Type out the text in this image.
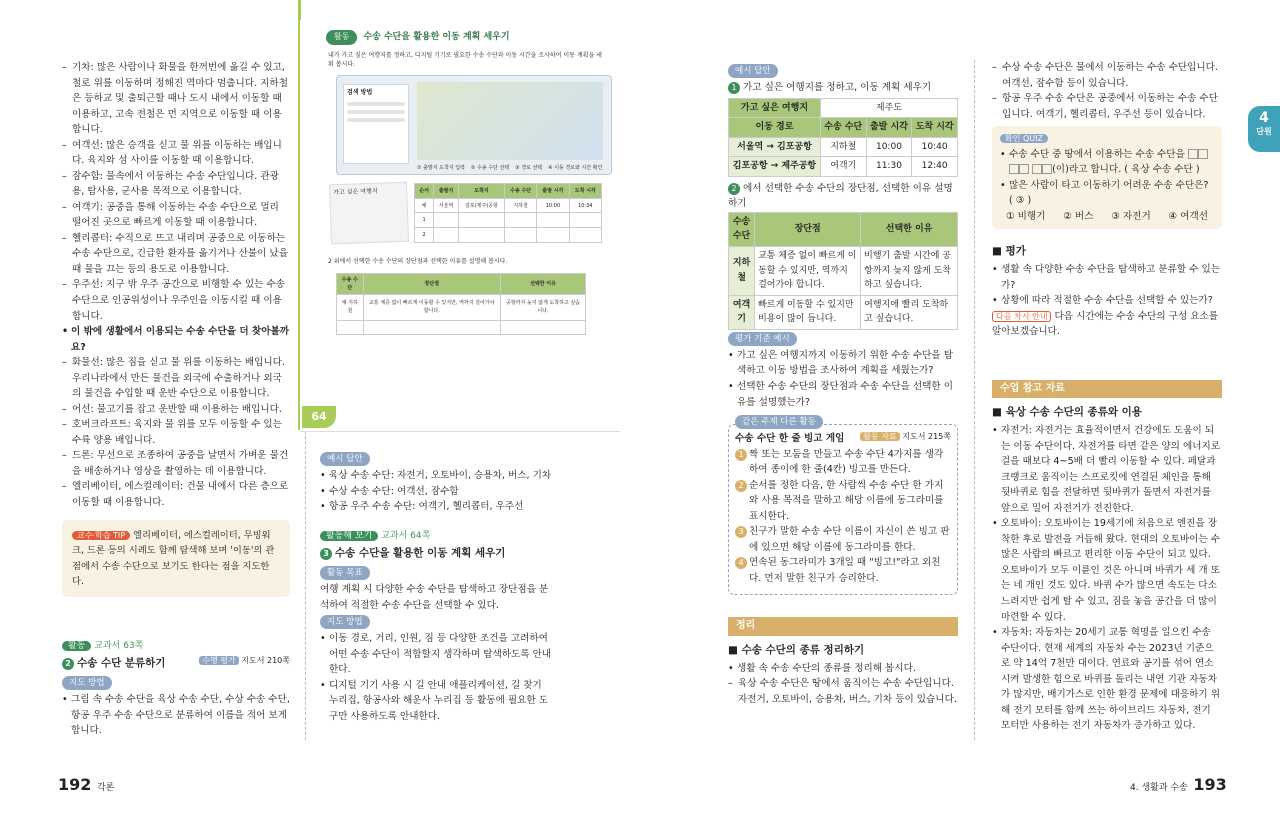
– 기차: 많은 사람이나 화물을 한꺼번에 옮길 수 있고, 철로 위를 이동하며 정해진 역마다 멈춥니다. 지하철은 등하교 및 출퇴근할 때나 도시 내에서 이동할 때 이용하고, 고속 전철은 먼 지역으로 이동할 때 이용합니다.
– 여객선: 많은 승객을 싣고 물 위를 이동하는 배입니다. 육지와 섬 사이를 이동할 때 이용합니다.
– 잠수함: 물속에서 이동하는 수송 수단입니다. 관광용, 탐사용, 군사용 목적으로 이용합니다.
– 여객기: 공중을 통해 이동하는 수송 수단으로 멀리 떨어진 곳으로 빠르게 이동할 때 이용합니다.
– 헬리콥터: 수직으로 뜨고 내리며 공중으로 이동하는 수송 수단으로, 긴급한 환자를 옮기거나 산불이 났을 때 물을 끄는 등의 용도로 이용합니다.
– 우주선: 지구 밖 우주 공간으로 비행할 수 있는 수송 수단으로 인공위성이나 우주인을 이동시킬 때 이용합니다.
• 이 밖에 생활에서 이용되는 수송 수단을 더 찾아볼까요?
– 화물선: 많은 짐을 싣고 물 위를 이동하는 배입니다. 우리나라에서 만든 물건을 외국에 수출하거나 외국의 물건을 수입할 때 운반 수단으로 이용합니다.
– 어선: 물고기를 잡고 운반할 때 이용하는 배입니다.
– 호버크라프트: 육지와 물 위를 모두 이동할 수 있는 수륙 양용 배입니다.
– 드론: 무선으로 조종하여 공중을 날면서 가벼운 물건을 배송하거나 영상을 촬영하는 데 이용합니다.
– 엘리베이터, 에스컬레이터: 건물 내에서 다른 층으로 이동할 때 이용합니다.
교수·학습 TIP 엘리베이터, 에스컬레이터, 무빙워크, 드론 등의 시례도 함께 탐색해 보며 '이동'의 관점에서 수송 수단으로 보기도 한다는 점을 지도한다.
활동 교과서 63쪽
2 수송 수단 분류하기	수행 평가 지도서 210쪽
지도 방법
• 그림 속 수송 수단을 육상 수송 수단, 수상 수송 수단, 항공 우주 수송 수단으로 분류하여 이름을 적어 보게 합니다.
활동	수송 수단을 활용한 이동 계획 세우기
내가 가고 싶은 여행지를 정하고, 디지털 기기로 필요한 수송 수단과 이동 시간을 조사하여 이동 계획을 세워 봅시다.
검색 방법
① 출발지 도착지 입력 ② 수송 수단 선택 ③ 경로 선택 ④ 이동 경로와 시간 확인
가고 싶은 여행지	순서	출발지	도착지	수송 수단	출발 시각	도착 시각
예	서울역	김포(제주)공항	지하철	10:00	10:34
1					
2					
2 위에서 선택한 수송 수단의 장단점과 선택한 이유를 설명해 봅시다.
수송 수단	장단점	선택한 이유
예 지하철	교통 체증 없이 빠르게 이동할 수 있지만, 역까지 걸어가야 합니다.	공항까지 늦지 않게 도착하고 싶습니다.

64
예시 답안
• 육상 수송 수단: 자전거, 오토바이, 승용차, 버스, 기차
• 수상 수송 수단: 여객선, 잠수함
• 항공 우주 수송 수단: 여객기, 헬리콥터, 우주선
활동해 보기 교과서 64쪽
3 수송 수단을 활용한 이동 계획 세우기
활동 목표
여행 계획 시 다양한 수송 수단을 탐색하고 장단점을 분석하여 적절한 수송 수단을 선택할 수 있다.
지도 방법
• 이동 경로, 거리, 인원, 짐 등 다양한 조건을 고려하여 어떤 수송 수단이 적합할지 생각하며 탐색하도록 안내한다.
• 디지털 기기 사용 시 길 안내 애플리케이션, 길 찾기 누리집, 항공사와 해운사 누리집 등 활동에 필요한 도구만 사용하도록 안내한다.
192 각론
예시 답안
1 가고 싶은 여행지를 정하고, 이동 계획 세우기
가고 싶은 여행지	제주도		
이동 경로	수송 수단	출발 시각	도착 시각
서울역 → 김포공항	지하철	10:00	10:40
김포공항 → 제주공항	여객기	11:30	12:40
2 에서 선택한 수송 수단의 장단점, 선택한 이유 설명하기
수송 수단	장단점	선택한 이유
지하철	교통 체증 없이 빠르게 이동할 수 있지만, 역까지 걸어가야 합니다.	비행기 출발 시간에 공항까지 늦지 않게 도착하고 싶습니다.
여객기	빠르게 이동할 수 있지만 비용이 많이 듭니다.	여행지에 빨리 도착하고 싶습니다.
평가 기준 예시
• 가고 싶은 여행지까지 이동하기 위한 수송 수단을 탐색하고 이동 방법을 조사하여 계획을 세웠는가?
• 선택한 수송 수단의 장단점과 수송 수단을 선택한 이유를 설명했는가?
같은 주제 다른 활동
수송 수단 한 줄 빙고 게임	활동 자료 지도서 215쪽
1 짝 또는 모둠을 만들고 수송 수단 4가지를 생각하여 종이에 한 줄(4칸) 빙고를 만든다.
2 순서를 정한 다음, 한 사람씩 수송 수단 한 가지와 사용 목적을 말하고 해당 이름에 동그라미를 표시한다.
3 친구가 말한 수송 수단 이름이 자신이 쓴 빙고 판에 있으면 해당 이름에 동그라미를 한다.
4 연속된 동그라미가 3개일 때 "빙고!"라고 외친다. 먼저 말한 친구가 승리한다.
정리
■ 수송 수단의 종류 정리하기
• 생활 속 수송 수단의 종류를 정리해 봅시다.
– 육상 수송 수단은 땅에서 움직이는 수송 수단입니다. 자전거, 오토바이, 승용차, 버스, 기차 등이 있습니다.
– 수상 수송 수단은 물에서 이동하는 수송 수단입니다. 여객선, 잠수함 등이 있습니다.
– 항공 우주 수송 수단은 공중에서 이동하는 수송 수단입니다. 여객기, 헬리콥터, 우주선 등이 있습니다.
확인 QUIZ
• 수송 수단 중 땅에서 이용하는 수송 수단을   (이)라고 합니다. ( 육상 수송 수단 )
• 많은 사람이 타고 이동하기 어려운 수송 수단은? ( ③ )
① 비행기 ② 버스 ③ 자전거 ④ 여객선
■ 평가
• 생활 속 다양한 수송 수단을 탐색하고 분류할 수 있는가?
• 상황에 따라 적절한 수송 수단을 선택할 수 있는가?
다음 차시 안내 다음 시간에는 수송 수단의 구성 요소를 알아보겠습니다.
수업 참고 자료
■ 육상 수송 수단의 종류와 이용
• 자전거: 자전거는 효율적이면서 건강에도 도움이 되는 이동 수단이다. 자전거를 타면 같은 양의 에너지로 걸을 때보다 4~5배 더 빨리 이동할 수 있다. 페달과 크랭크로 움직이는 스프로킷에 연결된 체인을 통해 뒷바퀴로 힘을 전달하면 뒷바퀴가 돌면서 자전거를 앞으로 밀어 자전거가 전진한다.
• 오토바이: 오토바이는 19세기에 처음으로 엔진을 장착한 후로 발전을 거듭해 왔다. 현대의 오토바이는 수많은 사람의 빠르고 편리한 이동 수단이 되고 있다. 오토바이가 모두 이륜인 것은 아니며 바퀴가 세 개 또는 네 개인 것도 있다. 바퀴 수가 많으면 속도는 다소 느려지만 쉽게 탈 수 있고, 짐을 놓을 공간을 더 많이 마련할 수 있다.
• 자동차: 자동차는 20세기 교통 혁명을 일으킨 수송 수단이다. 현재 세계의 자동차 수는 2023년 기준으로 약 14억 7천만 대이다. 연료와 공기를 섞어 연소시켜 발생한 힘으로 바퀴를 돌리는 내연 기관 자동차가 많지만, 배기가스로 인한 환경 문제에 대응하기 위해 전기 모터를 함께 쓰는 하이브리드 자동차, 전기 모터만 사용하는 전기 자동차가 증가하고 있다.
4
단원
4. 생활과 수송 193
